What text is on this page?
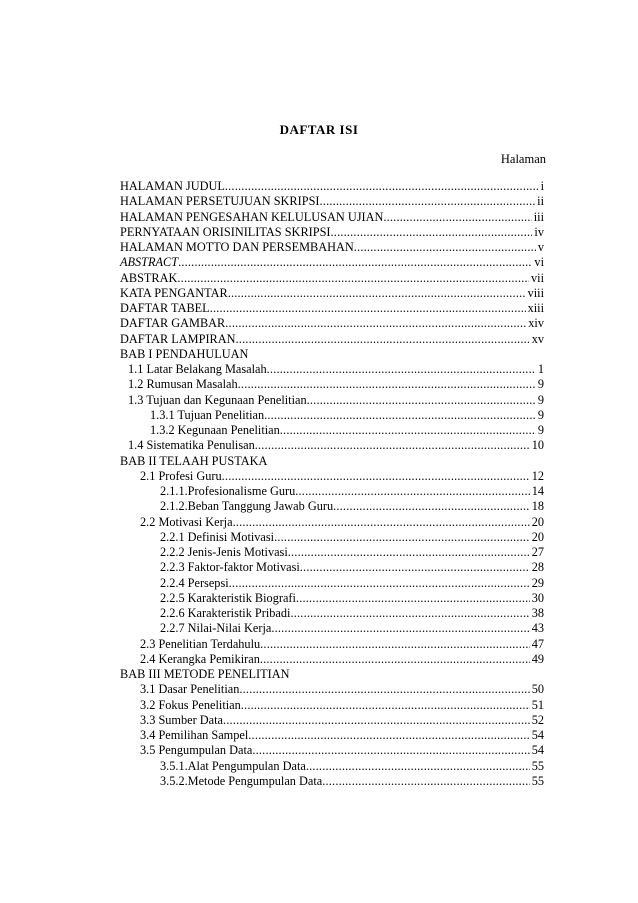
DAFTAR ISI
Halaman
HALAMAN JUDUL .....	i
HALAMAN PERSETUJUAN SKRIPSI .....	ii
HALAMAN PENGESAHAN KELULUSAN UJIAN .....	iii
PERNYATAAN ORISINILITAS SKRIPSI .....	iv
HALAMAN MOTTO DAN PERSEMBAHAN .....	v
ABSTRACT .....	vi
ABSTRAK .....	vii
KATA PENGANTAR .....	viii
DAFTAR TABEL .....	xiii
DAFTAR GAMBAR .....	xiv
DAFTAR LAMPIRAN .....	xv
BAB I PENDAHULUAN
1.1 Latar Belakang Masalah .....	1
1.2 Rumusan Masalah .....	9
1.3 Tujuan dan Kegunaan Penelitian .....	9
1.3.1 Tujuan Penelitian .....	9
1.3.2 Kegunaan Penelitian .....	9
1.4 Sistematika Penulisan .....	10
BAB II TELAAH PUSTAKA
2.1 Profesi Guru .....	12
2.1.1.Profesionalisme Guru .....	14
2.1.2.Beban Tanggung Jawab Guru .....	18
2.2 Motivasi Kerja .....	20
2.2.1 Definisi Motivasi .....	20
2.2.2 Jenis-Jenis Motivasi .....	27
2.2.3 Faktor-faktor Motivasi .....	28
2.2.4 Persepsi .....	29
2.2.5 Karakteristik Biografi .....	30
2.2.6 Karakteristik Pribadi .....	38
2.2.7 Nilai-Nilai Kerja .....	43
2.3 Penelitian Terdahulu .....	47
2.4 Kerangka Pemikiran .....	49
BAB III METODE PENELITIAN
3.1 Dasar Penelitian .....	50
3.2 Fokus Penelitian .....	51
3.3 Sumber Data .....	52
3.4 Pemilihan Sampel .....	54
3.5 Pengumpulan Data .....	54
3.5.1.Alat Pengumpulan Data .....	55
3.5.2.Metode Pengumpulan Data .....	55
